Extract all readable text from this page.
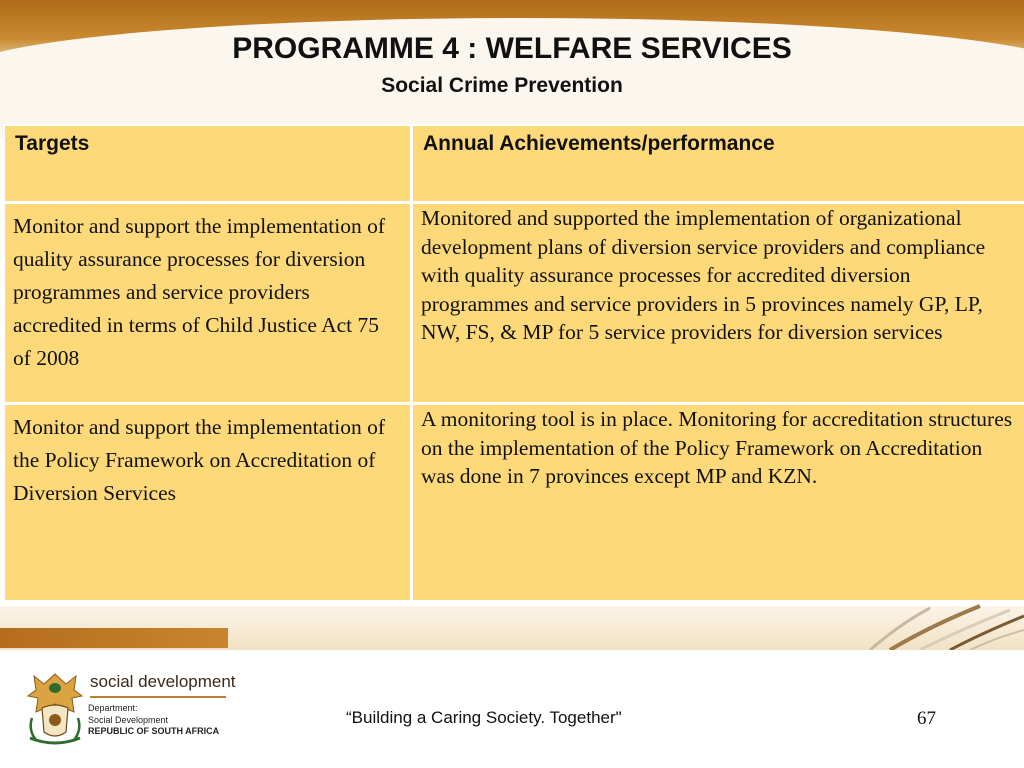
PROGRAMME 4 : WELFARE SERVICES
Social Crime Prevention
Targets	Annual Achievements/performance
Monitor and support the implementation of quality assurance processes for diversion programmes and service providers accredited in terms of Child Justice Act 75 of 2008
Monitored and supported the implementation of organizational development plans of diversion service providers and compliance with quality assurance processes for accredited diversion programmes and service providers in 5 provinces namely GP, LP, NW, FS, & MP for 5 service providers for diversion services
Monitor and support the implementation of the Policy Framework on Accreditation of Diversion Services
A monitoring tool is in place. Monitoring for accreditation structures on the implementation of the Policy Framework on Accreditation was done in 7 provinces except MP and KZN.
social development
Department:
Social Development
REPUBLIC OF SOUTH AFRICA
“Building a Caring Society. Together"	67
